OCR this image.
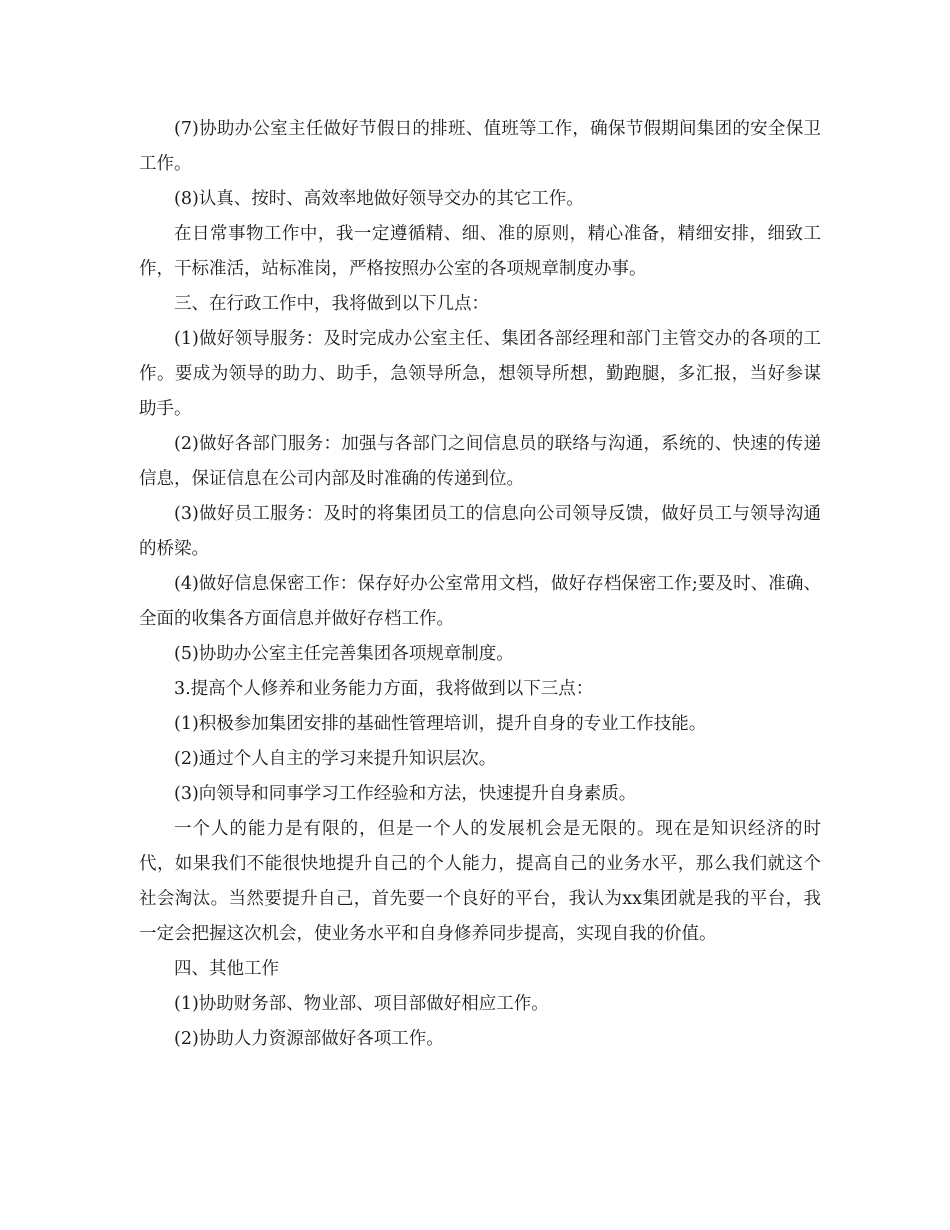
(7)协助办公室主任做好节假日的排班、值班等工作，确保节假期间集团的安全保卫工作。

(8)认真、按时、高效率地做好领导交办的其它工作。

在日常事物工作中，我一定遵循精、细、准的原则，精心准备，精细安排，细致工作，干标准活，站标准岗，严格按照办公室的各项规章制度办事。

三、在行政工作中，我将做到以下几点：

(1)做好领导服务：及时完成办公室主任、集团各部经理和部门主管交办的各项的工作。要成为领导的助力、助手，急领导所急，想领导所想，勤跑腿，多汇报，当好参谋助手。

(2)做好各部门服务：加强与各部门之间信息员的联络与沟通，系统的、快速的传递信息，保证信息在公司内部及时准确的传递到位。

(3)做好员工服务：及时的将集团员工的信息向公司领导反馈，做好员工与领导沟通的桥梁。

(4)做好信息保密工作：保存好办公室常用文档，做好存档保密工作;要及时、准确、全面的收集各方面信息并做好存档工作。

(5)协助办公室主任完善集团各项规章制度。

3.提高个人修养和业务能力方面，我将做到以下三点：

(1)积极参加集团安排的基础性管理培训，提升自身的专业工作技能。

(2)通过个人自主的学习来提升知识层次。

(3)向领导和同事学习工作经验和方法，快速提升自身素质。

一个人的能力是有限的，但是一个人的发展机会是无限的。现在是知识经济的时代，如果我们不能很快地提升自己的个人能力，提高自己的业务水平，那么我们就这个社会淘汰。当然要提升自己，首先要一个良好的平台，我认为xx集团就是我的平台，我一定会把握这次机会，使业务水平和自身修养同步提高，实现自我的价值。

四、其他工作

(1)协助财务部、物业部、项目部做好相应工作。

(2)协助人力资源部做好各项工作。
